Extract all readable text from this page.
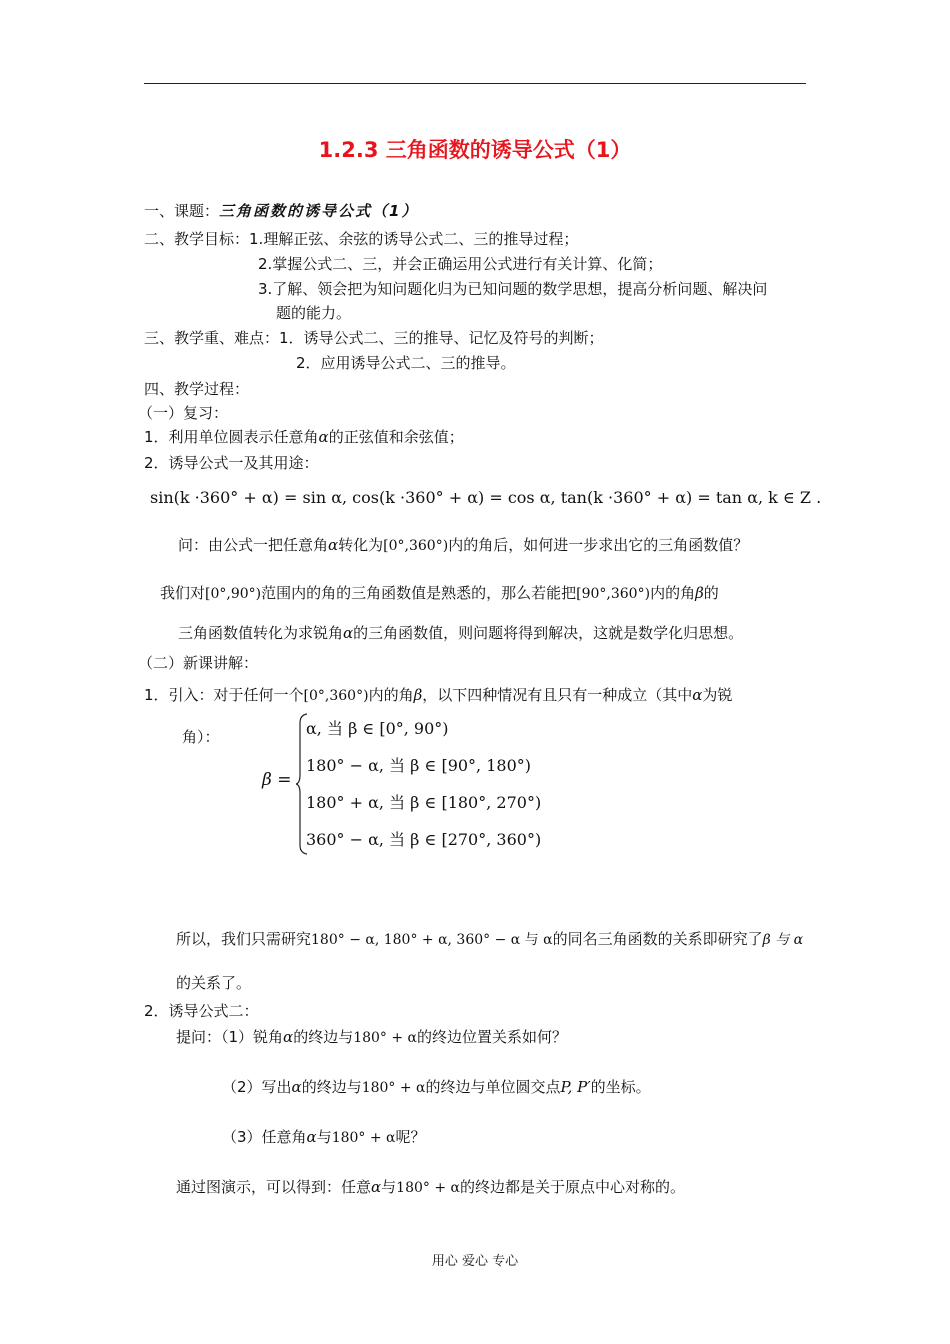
1.2.3 三角函数的诱导公式（1）
一、课题：三角函数的诱导公式（1）
二、教学目标：1.理解正弦、余弦的诱导公式二、三的推导过程；
2.掌握公式二、三，并会正确运用公式进行有关计算、化简；
3.了解、领会把为知问题化归为已知问题的数学思想，提高分析问题、解决问
题的能力。
三、教学重、难点：1．诱导公式二、三的推导、记忆及符号的判断；
2．应用诱导公式二、三的推导。
四、教学过程：
（一）复习：
1．利用单位圆表示任意角α的正弦值和余弦值；
2．诱导公式一及其用途：
sin(k ·360° + α) = sin α, cos(k ·360° + α) = cos α, tan(k ·360° + α) = tan α, k ∈ Z .
问：由公式一把任意角α转化为[0°,360°)内的角后，如何进一步求出它的三角函数值？
我们对[0°,90°)范围内的角的三角函数值是熟悉的，那么若能把[90°,360°)内的角β的
三角函数值转化为求锐角α的三角函数值，则问题将得到解决，这就是数学化归思想。
（二）新课讲解：
1．引入：对于任何一个[0°,360°)内的角β，以下四种情况有且只有一种成立（其中α为锐
角）：
β =
α, 当 β ∈ [0°, 90°)
180° − α, 当 β ∈ [90°, 180°)
180° + α, 当 β ∈ [180°, 270°)
360° − α, 当 β ∈ [270°, 360°)
所以，我们只需研究180° − α, 180° + α, 360° − α 与 α的同名三角函数的关系即研究了β 与 α
的关系了。
2．诱导公式二：
提问：（1）锐角α的终边与180° + α的终边位置关系如何？
（2）写出α的终边与180° + α的终边与单位圆交点P, P′的坐标。
（3）任意角α与180° + α呢？
通过图演示，可以得到：任意α与180° + α的终边都是关于原点中心对称的。
用心 爱心 专心
